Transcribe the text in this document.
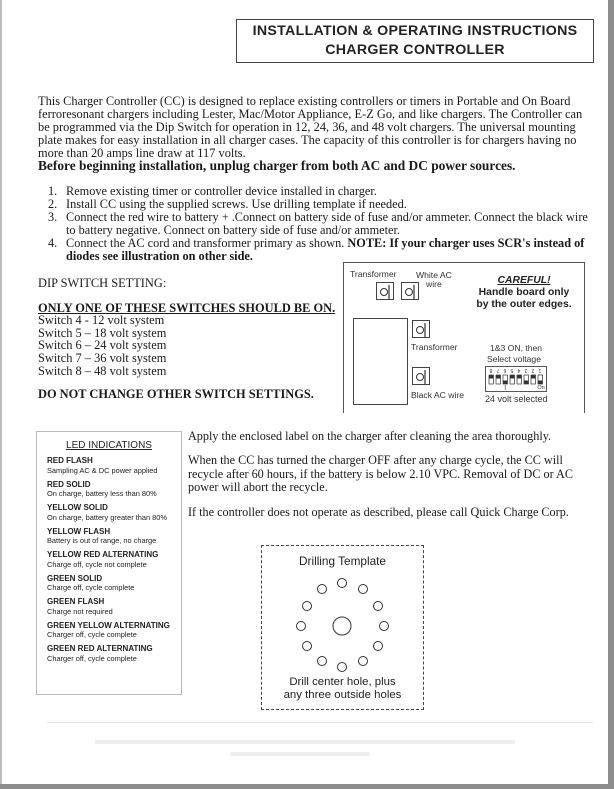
INSTALLATION & OPERATING INSTRUCTIONS
CHARGER CONTROLLER
This Charger Controller (CC) is designed to replace existing controllers or timers in Portable and On Board ferroresonant chargers including Lester, Mac/Motor Appliance, E-Z Go, and like chargers. The Controller can be programmed via the Dip Switch for operation in 12, 24, 36, and 48 volt chargers. The universal mounting plate makes for easy installation in all charger cases. The capacity of this controller is for chargers having no more than 20 amps line draw at 117 volts.
Before beginning installation, unplug charger from both AC and DC power sources.
1. Remove existing timer or controller device installed in charger.
2. Install CC using the supplied screws. Use drilling template if needed.
3. Connect the red wire to battery + .Connect on battery side of fuse and/or ammeter. Connect the black wire to battery negative. Connect on battery side of fuse and/or ammeter.
4. Connect the AC cord and transformer primary as shown. NOTE: If your charger uses SCR's instead of diodes see illustration on other side.
DIP SWITCH SETTING:
ONLY ONE OF THESE SWITCHES SHOULD BE ON.
Switch 4 - 12 volt system
Switch 5 – 18 volt system
Switch 6 – 24 volt system
Switch 7 – 36 volt system
Switch 8 – 48 volt system
DO NOT CHANGE OTHER SWITCH SETTINGS.
Transformer White AC
wire	CAREFUL!
Handle board only
by the outer edges.
Transformer
Black AC wire
1&3 ON, then
Select voltage
8 7 6 5 4 3 2 1
On
24 volt selected
LED INDICATIONS
RED FLASH
Sampling AC & DC power applied
RED SOLID
On charge, battery less than 80%
YELLOW SOLID
On charge, battery greater than 80%
YELLOW FLASH
Battery is out of range, no charge
YELLOW RED ALTERNATING
Charge off, cycle not complete
GREEN SOLID
Charge off, cycle complete
GREEN FLASH
Charge not required
GREEN YELLOW ALTERNATING
Charger off, cycle complete
GREEN RED ALTERNATING
Charger off, cycle complete

Apply the enclosed label on the charger after cleaning the area thoroughly.

When the CC has turned the charger OFF after any charge cycle, the CC will recycle after 60 hours, if the battery is below 2.10 VPC. Removal of DC or AC power will abort the recycle.

If the controller does not operate as described, please call Quick Charge Corp.

Drilling Template
Drill center hole, plus
any three outside holes
